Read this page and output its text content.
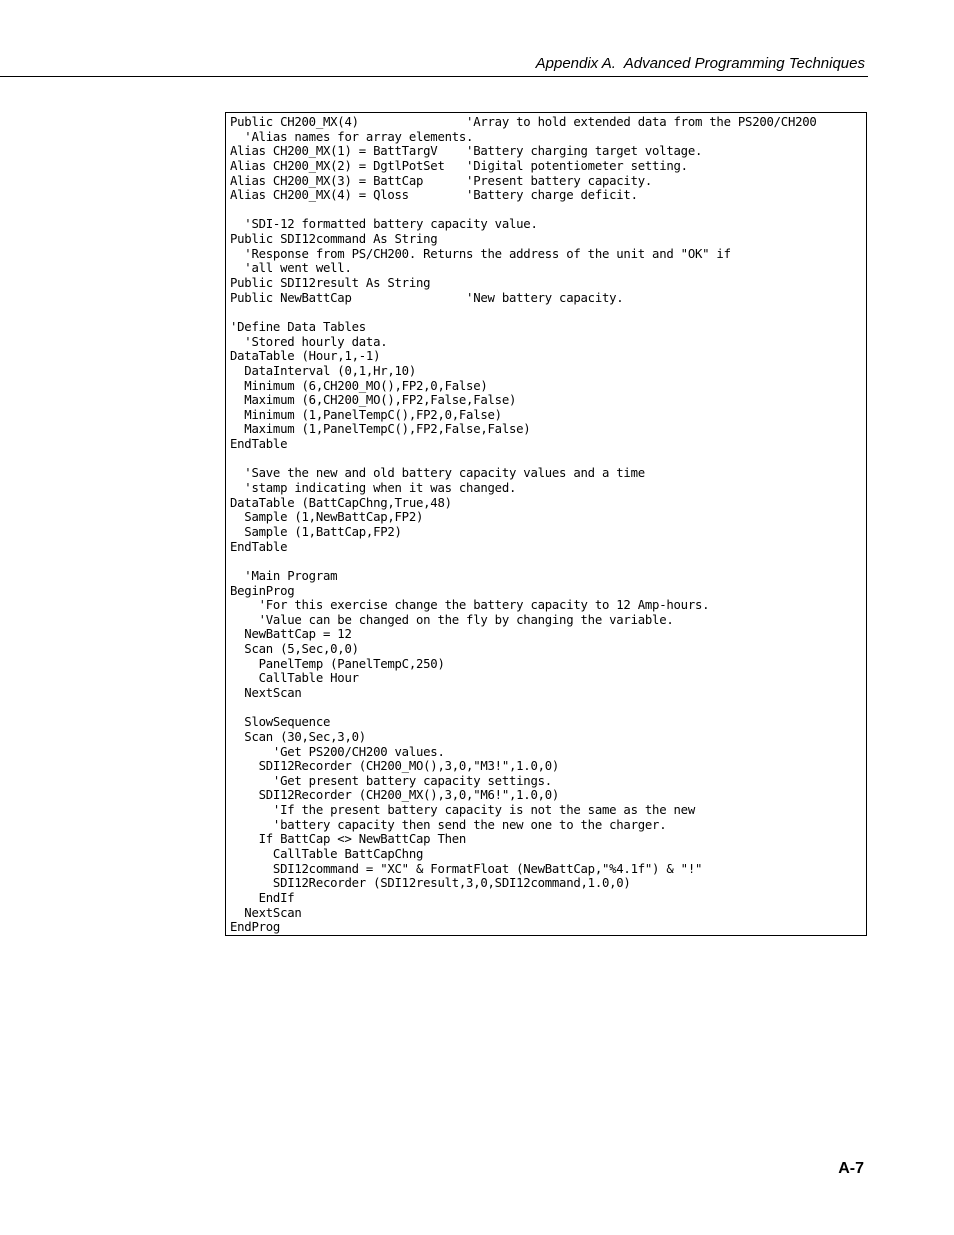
Appendix A.  Advanced Programming Techniques
Public CH200_MX(4)               'Array to hold extended data from the PS200/CH200
'Alias names for array elements.
Alias CH200_MX(1) = BattTargV    'Battery charging target voltage.
Alias CH200_MX(2) = DgtlPotSet   'Digital potentiometer setting.
Alias CH200_MX(3) = BattCap      'Present battery capacity.
Alias CH200_MX(4) = Qloss        'Battery charge deficit.
'SDI-12 formatted battery capacity value.
Public SDI12command As String
'Response from PS/CH200. Returns the address of the unit and "OK" if
'all went well.
Public SDI12result As String
Public NewBattCap                'New battery capacity.
'Define Data Tables
'Stored hourly data.
DataTable (Hour,1,-1)
DataInterval (0,1,Hr,10)
Minimum (6,CH200_MO(),FP2,0,False)
Maximum (6,CH200_MO(),FP2,False,False)
Minimum (1,PanelTempC(),FP2,0,False)
Maximum (1,PanelTempC(),FP2,False,False)
EndTable
'Save the new and old battery capacity values and a time
'stamp indicating when it was changed.
DataTable (BattCapChng,True,48)
Sample (1,NewBattCap,FP2)
Sample (1,BattCap,FP2)
EndTable
'Main Program
BeginProg
'For this exercise change the battery capacity to 12 Amp-hours.
'Value can be changed on the fly by changing the variable.
NewBattCap = 12
Scan (5,Sec,0,0)
PanelTemp (PanelTempC,250)
CallTable Hour
NextScan
SlowSequence
Scan (30,Sec,3,0)
'Get PS200/CH200 values.
SDI12Recorder (CH200_MO(),3,0,"M3!",1.0,0)
'Get present battery capacity settings.
SDI12Recorder (CH200_MX(),3,0,"M6!",1.0,0)
'If the present battery capacity is not the same as the new
'battery capacity then send the new one to the charger.
If BattCap <> NewBattCap Then
CallTable BattCapChng
SDI12command = "XC" & FormatFloat (NewBattCap,"%4.1f") & "!"
SDI12Recorder (SDI12result,3,0,SDI12command,1.0,0)
EndIf
NextScan
EndProg
A-7
